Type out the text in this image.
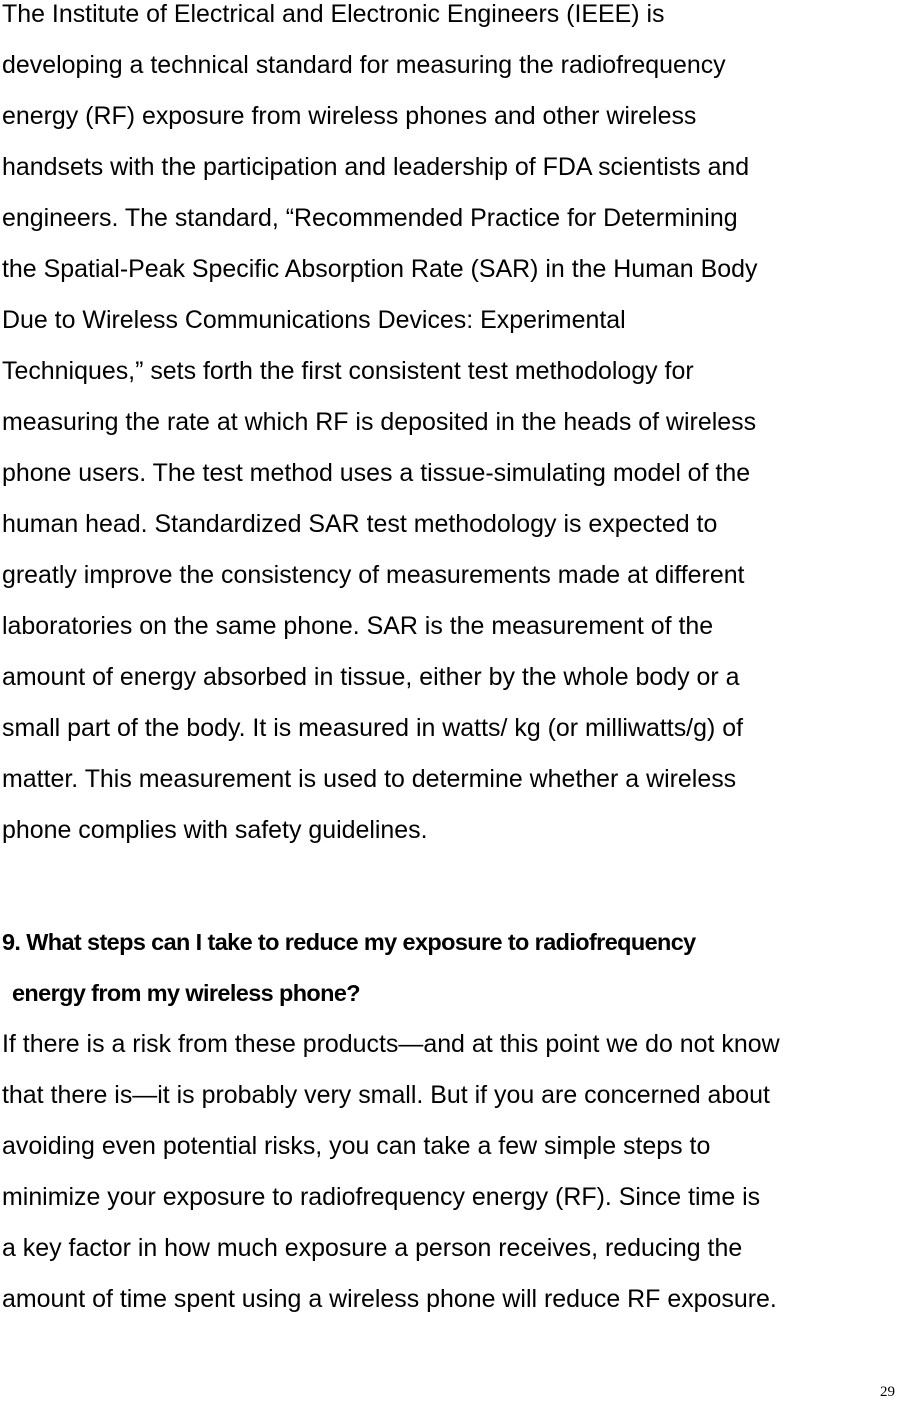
The Institute of Electrical and Electronic Engineers (IEEE) is
developing a technical standard for measuring the radiofrequency
energy (RF) exposure from wireless phones and other wireless
handsets with the participation and leadership of FDA scientists and
engineers. The standard, “Recommended Practice for Determining
the Spatial-Peak Specific Absorption Rate (SAR) in the Human Body
Due to Wireless Communications Devices: Experimental
Techniques,” sets forth the first consistent test methodology for
measuring the rate at which RF is deposited in the heads of wireless
phone users. The test method uses a tissue-simulating model of the
human head. Standardized SAR test methodology is expected to
greatly improve the consistency of measurements made at different
laboratories on the same phone. SAR is the measurement of the
amount of energy absorbed in tissue, either by the whole body or a
small part of the body. It is measured in watts/ kg (or milliwatts/g) of
matter. This measurement is used to determine whether a wireless
phone complies with safety guidelines.
9. What steps can I take to reduce my exposure to radiofrequency
energy from my wireless phone?
If there is a risk from these products—and at this point we do not know
that there is—it is probably very small. But if you are concerned about
avoiding even potential risks, you can take a few simple steps to
minimize your exposure to radiofrequency energy (RF). Since time is
a key factor in how much exposure a person receives, reducing the
amount of time spent using a wireless phone will reduce RF exposure.
29
